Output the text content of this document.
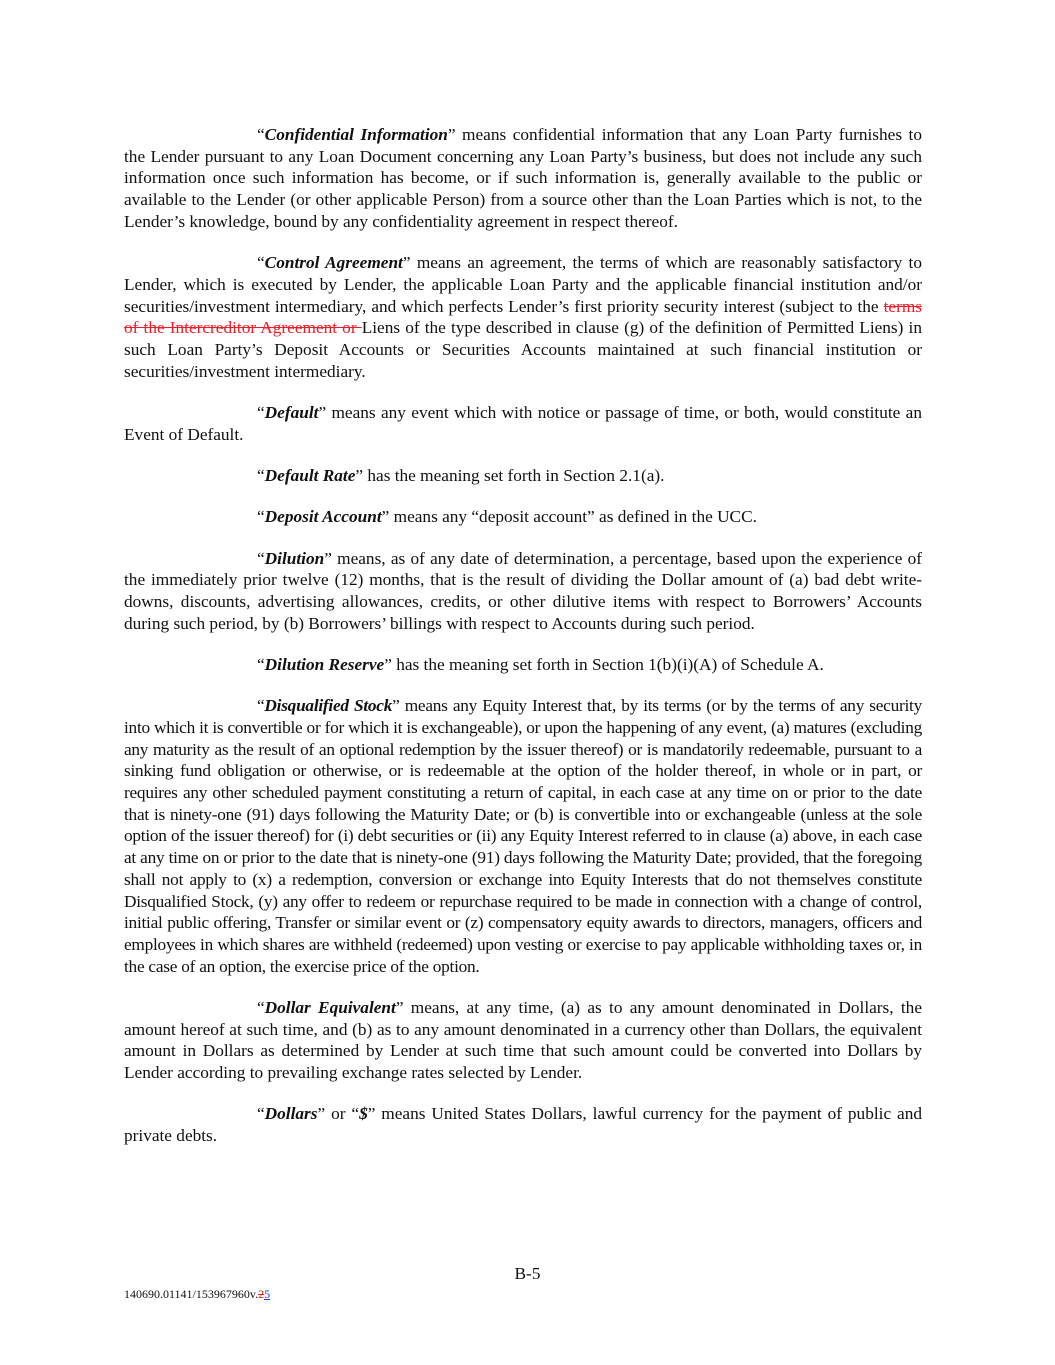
“Confidential Information” means confidential information that any Loan Party furnishes to the Lender pursuant to any Loan Document concerning any Loan Party’s business, but does not include any such information once such information has become, or if such information is, generally available to the public or available to the Lender (or other applicable Person) from a source other than the Loan Parties which is not, to the Lender’s knowledge, bound by any confidentiality agreement in respect thereof.

“Control Agreement” means an agreement, the terms of which are reasonably satisfactory to Lender, which is executed by Lender, the applicable Loan Party and the applicable financial institution and/or securities/investment intermediary, and which perfects Lender’s first priority security interest (subject to the terms of the Intercreditor Agreement or Liens of the type described in clause (g) of the definition of Permitted Liens) in such Loan Party’s Deposit Accounts or Securities Accounts maintained at such financial institution or securities/investment intermediary.

“Default” means any event which with notice or passage of time, or both, would constitute an Event of Default.

“Default Rate” has the meaning set forth in Section 2.1(a).

“Deposit Account” means any “deposit account” as defined in the UCC.

“Dilution” means, as of any date of determination, a percentage, based upon the experience of the immediately prior twelve (12) months, that is the result of dividing the Dollar amount of (a) bad debt write-downs, discounts, advertising allowances, credits, or other dilutive items with respect to Borrowers’ Accounts during such period, by (b) Borrowers’ billings with respect to Accounts during such period.

“Dilution Reserve” has the meaning set forth in Section 1(b)(i)(A) of Schedule A.

“Disqualified Stock” means any Equity Interest that, by its terms (or by the terms of any security into which it is convertible or for which it is exchangeable), or upon the happening of any event, (a) matures (excluding any maturity as the result of an optional redemption by the issuer thereof) or is mandatorily redeemable, pursuant to a sinking fund obligation or otherwise, or is redeemable at the option of the holder thereof, in whole or in part, or requires any other scheduled payment constituting a return of capital, in each case at any time on or prior to the date that is ninety-one (91) days following the Maturity Date; or (b) is convertible into or exchangeable (unless at the sole option of the issuer thereof) for (i) debt securities or (ii) any Equity Interest referred to in clause (a) above, in each case at any time on or prior to the date that is ninety-one (91) days following the Maturity Date; provided, that the foregoing shall not apply to (x) a redemption, conversion or exchange into Equity Interests that do not themselves constitute Disqualified Stock, (y) any offer to redeem or repurchase required to be made in connection with a change of control, initial public offering, Transfer or similar event or (z) compensatory equity awards to directors, managers, officers and employees in which shares are withheld (redeemed) upon vesting or exercise to pay applicable withholding taxes or, in the case of an option, the exercise price of the option.

“Dollar Equivalent” means, at any time, (a) as to any amount denominated in Dollars, the amount hereof at such time, and (b) as to any amount denominated in a currency other than Dollars, the equivalent amount in Dollars as determined by Lender at such time that such amount could be converted into Dollars by Lender according to prevailing exchange rates selected by Lender.

“Dollars” or “$” means United States Dollars, lawful currency for the payment of public and private debts.

B-5
140690.01141/153967960v.25
